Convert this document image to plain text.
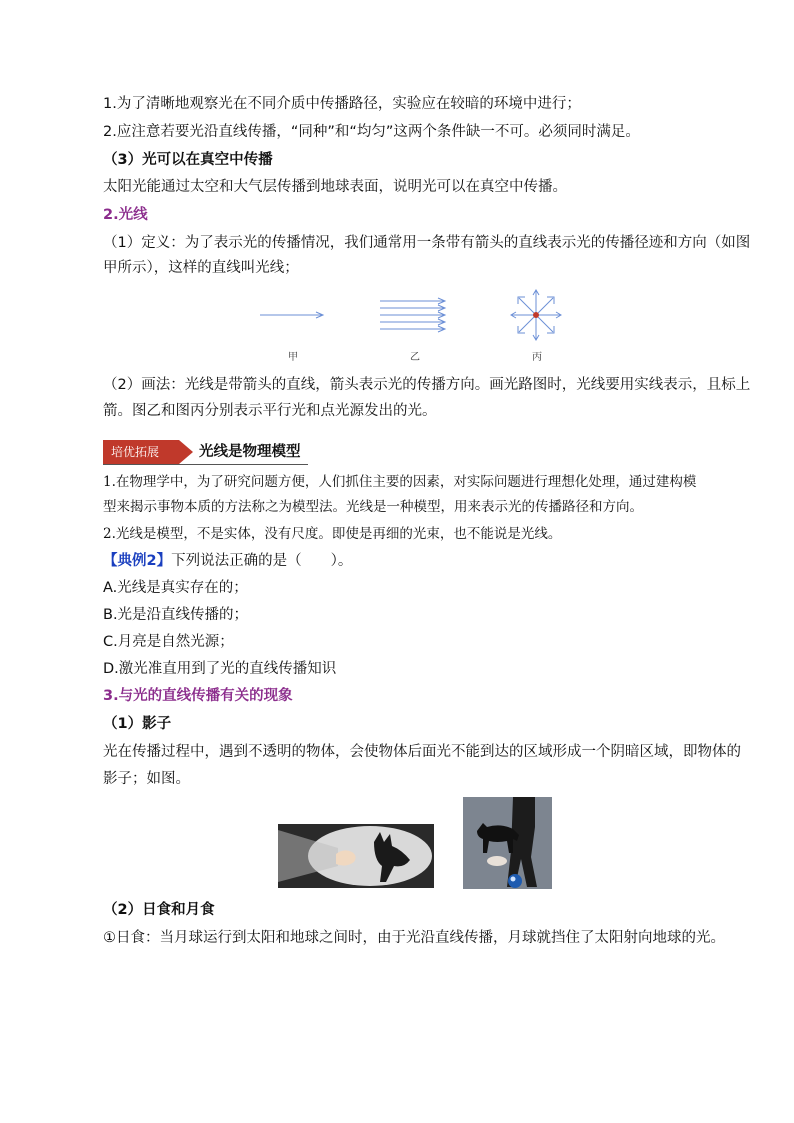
1.为了清晰地观察光在不同介质中传播路径，实验应在较暗的环境中进行；
2.应注意若要光沿直线传播，“同种”和“均匀”这两个条件缺一不可。必须同时满足。
（3）光可以在真空中传播
太阳光能通过太空和大气层传播到地球表面，说明光可以在真空中传播。
2.光线
（1）定义：为了表示光的传播情况，我们通常用一条带有箭头的直线表示光的传播径迹和方向（如图
甲所示），这样的直线叫光线；
甲	乙	丙
（2）画法：光线是带箭头的直线，箭头表示光的传播方向。画光路图时，光线要用实线表示，且标上
箭。图乙和图丙分别表示平行光和点光源发出的光。
培优拓展	光线是物理模型
1.在物理学中，为了研究问题方便，人们抓住主要的因素，对实际问题进行理想化处理，通过建构模
型来揭示事物本质的方法称之为模型法。光线是一种模型，用来表示光的传播路径和方向。
2.光线是模型，不是实体，没有尺度。即使是再细的光束，也不能说是光线。
【典例2】下列说法正确的是（　　）。
A.光线是真实存在的；
B.光是沿直线传播的；
C.月亮是自然光源；
D.激光准直用到了光的直线传播知识
3.与光的直线传播有关的现象
（1）影子
光在传播过程中，遇到不透明的物体，会使物体后面光不能到达的区域形成一个阴暗区域，即物体的
影子；如图。
（2）日食和月食
①日食：当月球运行到太阳和地球之间时，由于光沿直线传播，月球就挡住了太阳射向地球的光。
